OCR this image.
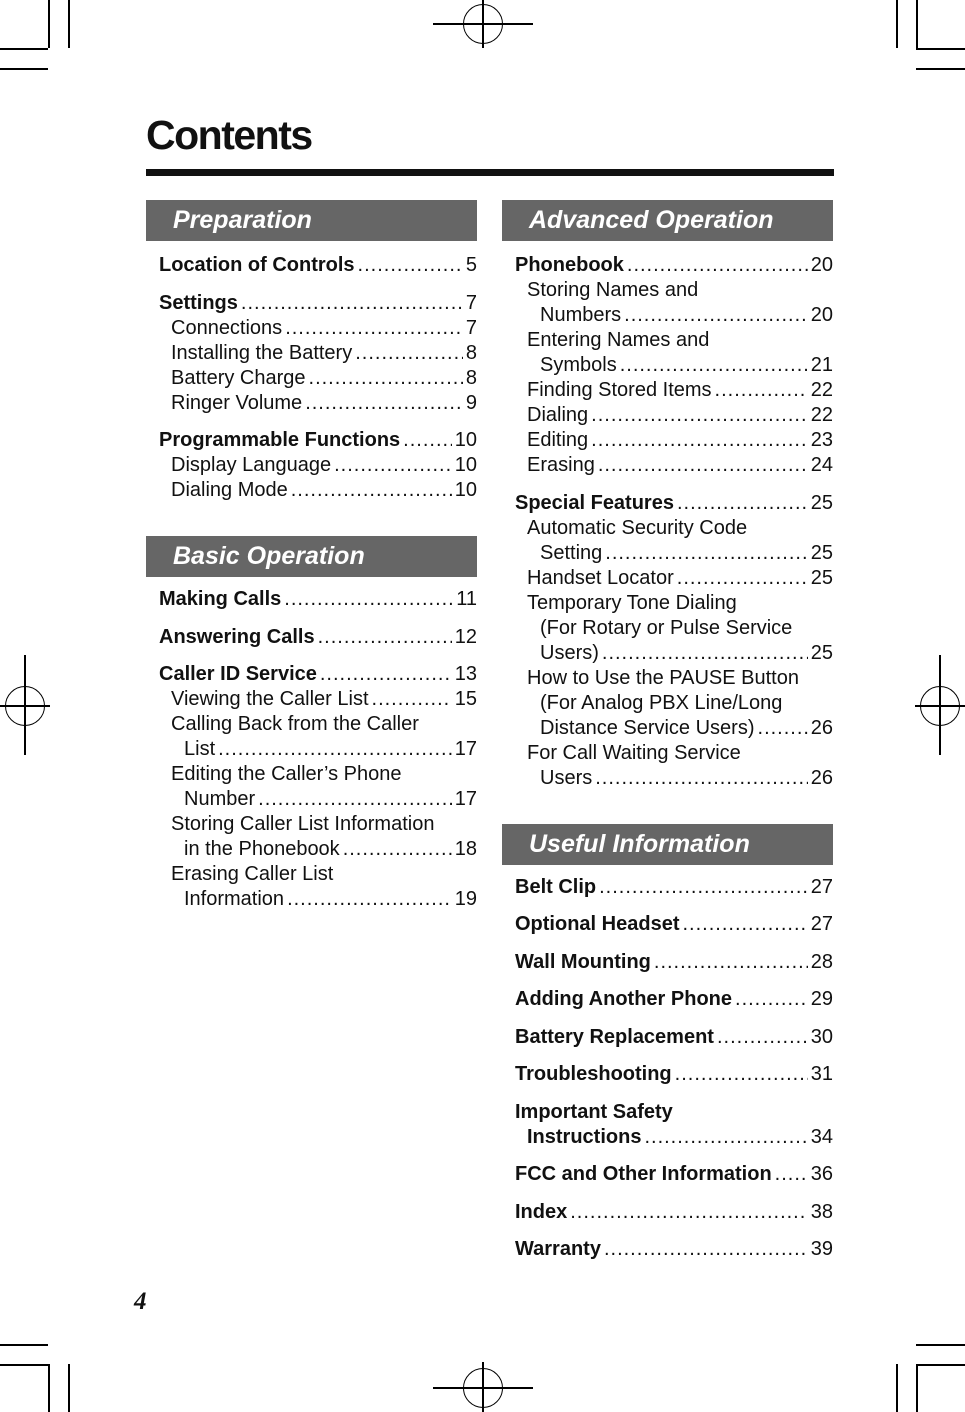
Contents
Preparation
Location of Controls .....	5
Settings .....	7
Connections .....	7
Installing the Battery .....	8
Battery Charge .....	8
Ringer Volume .....	9
Programmable Functions .....	10
Display Language .....	10
Dialing Mode .....	10
Basic Operation
Making Calls .....	11
Answering Calls .....	12
Caller ID Service .....	13
Viewing the Caller List .....	15
Calling Back from the Caller
List .....	17
Editing the Caller’s Phone
Number .....	17
Storing Caller List Information
in the Phonebook .....	18
Erasing Caller List
Information .....	19
Advanced Operation
Phonebook .....	20
Storing Names and
Numbers .....	20
Entering Names and
Symbols .....	21
Finding Stored Items .....	22
Dialing .....	22
Editing .....	23
Erasing .....	24
Special Features .....	25
Automatic Security Code
Setting .....	25
Handset Locator .....	25
Temporary Tone Dialing
(For Rotary or Pulse Service
Users) .....	25
How to Use the PAUSE Button
(For Analog PBX Line/Long
Distance Service Users) .....	26
For Call Waiting Service
Users .....	26
Useful Information
Belt Clip .....	27
Optional Headset .....	27
Wall Mounting .....	28
Adding Another Phone .....	29
Battery Replacement .....	30
Troubleshooting .....	31
Important Safety
Instructions .....	34
FCC and Other Information ..... 36
Index .....	38
Warranty .....	39
4
